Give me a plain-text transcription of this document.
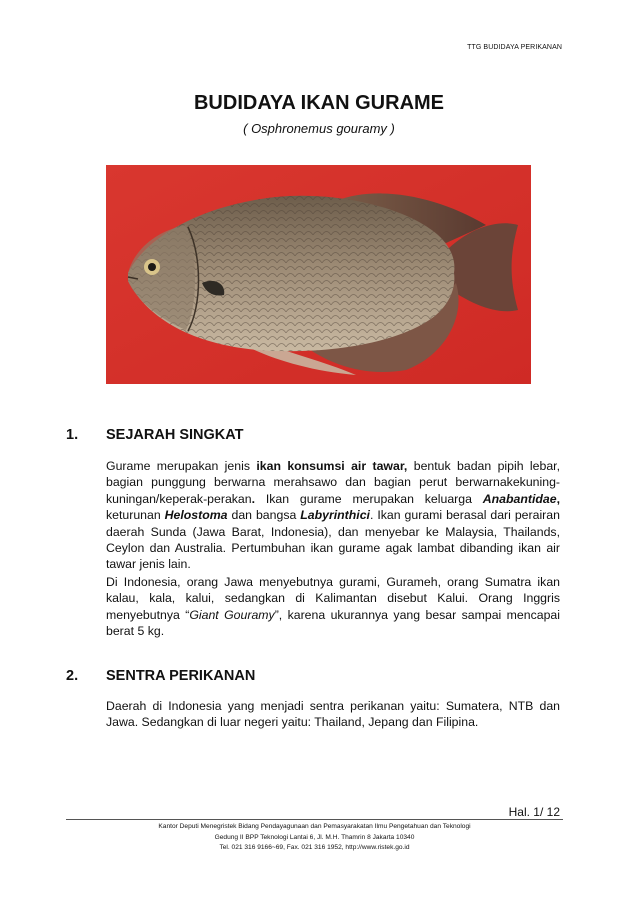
TTG BUDIDAYA PERIKANAN
BUDIDAYA IKAN GURAME
( Osphronemus gouramy )
1. SEJARAH SINGKAT
Gurame merupakan jenis ikan konsumsi air tawar, bentuk badan pipih lebar, bagian punggung berwarna merahsawo dan bagian perut berwarnakekuning-kuningan/keperak-perakan. Ikan gurame merupakan keluarga Anabantidae, keturunan Helostoma dan bangsa Labyrinthici. Ikan gurami berasal dari perairan daerah Sunda (Jawa Barat, Indonesia), dan menyebar ke Malaysia, Thailands, Ceylon dan Australia. Pertumbuhan ikan gurame agak lambat dibanding ikan air tawar jenis lain.
Di Indonesia, orang Jawa menyebutnya gurami, Gurameh, orang Sumatra ikan kalau, kala, kalui, sedangkan di Kalimantan disebut Kalui. Orang Inggris menyebutnya “Giant Gouramy”, karena ukurannya yang besar sampai mencapai berat 5 kg.
2. SENTRA PERIKANAN
Daerah di Indonesia yang menjadi sentra perikanan yaitu: Sumatera, NTB dan Jawa. Sedangkan di luar negeri yaitu: Thailand, Jepang dan Filipina.
Hal. 1/ 12
Kantor Deputi Menegristek Bidang Pendayagunaan dan Pemasyarakatan Ilmu Pengetahuan dan Teknologi
Gedung II BPP Teknologi Lantai 6, Jl. M.H. Thamrin 8 Jakarta 10340
Tel. 021 316 9166~69, Fax. 021 316 1952, http://www.ristek.go.id
